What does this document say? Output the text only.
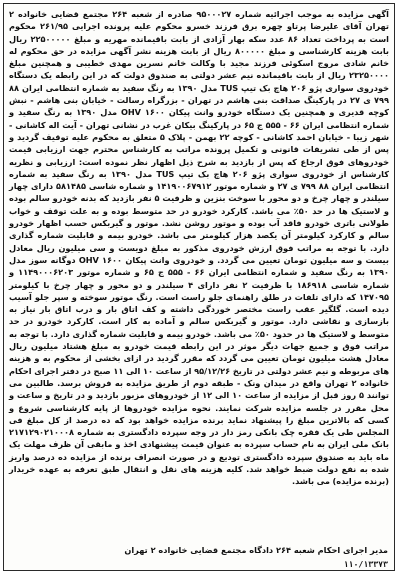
آگهی مزایده به موجب اجرائیه شماره ۹۵۰۰۰۲۷ صادره از شعبه ۲۶۴ مجتمع قضایی خانواده ۲ تهران آقای علیرضا پرتاو چهره برق فرزند خسرو محکوم علیه پرونده اجرایی ۲۶۱/۹۵ محکوم است به پرداخت تعداد ۸۶ عدد سکه بهار آزادی از بابت باقیمانده مهریه و مبلغ ۲۲۵۰۰۰۰۰ ریال بابت هزینه کارشناسی و مبلغ ۸۰۰۰۰۰ ریال از بابت هزینه نشر آگهی مزایده در حق محکوم له خانم شادی مروج اسکوئی فرزند مجید با وکالت خانم نسرین مهدی خطیبی و همچنین مبلغ ۲۳۲۵۰۰۰۰ ریال از بابت باقیمانده نیم عشر دولتی به صندوق دولت که در این رابطه یک دستگاه خودروی سواری پژو ۲۰۶ هاچ بک تیپ TUS مدل ۱۳۹۰ به رنگ سفید به شماره انتظامی ایران ۸۸ ۷۹۹ ی ۲۷ در پارکینگ صداقت بنی هاشم در تهران - بزرگراه رسالت - خیابان بنی هاشم - نبش کوچه قدیری و همچنین یک دستگاه خودرو وانت پیکان ۱۶۰۰ OHV مدل ۱۳۹۰ به رنگ سفید و شماره انتظامی ایران ۶۶ - ۵۵۵ ج ۶۵ در پارکینگ بیکان غرب در نشانی تهران - آیت اله کاشانی - شهر زیبا - خیابان احمد کاشانی - کوچه ۲۲ بهمن - پلاک ۵ متعلق به محکوم علیه توقیف گردید و پس از طی تشریفات قانونی و تکمیل پرونده مراتب به کارشناس محترم جهت ارزیابی قیمت خودروهای فوق ارجاع که پس از بازدید به شرح ذیل اظهار نظر نموده است: ارزیابی و نظریه کارشناس از خودروی سواری پژو ۲۰۶ هاچ بک تیپ TUS مدل ۱۳۹۰ به رنگ سفید به شماره انتظامی ایران ۸۸ ۷۹۹ ی ۲۷ و شماره موتور ۱۴۱۹۰۰۶۷۹۱۲ و شماره شاسی ۵۸۱۴۸۵ دارای چهار سیلندر و چهار چرخ و دو محور با سوخت بنزین و ظرفیت ۵ نفر بازدید که بدنه خودرو سالم بوده و لاستیک ها در حد ۵۰٪ می باشد. کارکرد خودرو در حد متوسط بوده و به علت توقف و خواب طولانی باتری خودرو فاقد آب بوده و موتور روشن نشد. موتور و گیربکس حسب اظهار خودرو سالم و کارکرد کیلومتر آن یکصد هزار کیلومتر می باشد. خودرو بیمه و قابلیت شماره گذاری دارد. با توجه به مراتب فوق ارزش خودروی مذکور به مبلغ دویست و سی میلیون ریال معادل بیست و سه میلیون تومان تعیین می گردد. و خودروی وانت پیکان ۱۶۰۰ OHV دوگانه سوز مدل ۱۳۹۰ به رنگ سفید و شماره انتظامی ایران ۶۶ - ۵۵۵ ج ۶۵ و شماره موتور ۱۱۴۹۰۰۰۶۲۰۳ و شماره شاسی ۱۸۶۹۱۸ با ظرفیت ۲ نفر دارای ۴ سیلندر و دو محور و چهار چرخ با کیلومتر ۱۴۷۰۹۵ که دارای تلفات در طلق راهنمای جلو راست است. رنگ موتور سوخته و سپر جلو آسیب دیده است. گلگیر عقب راست مختصر خوردگی داشته و کف اتاق بار و درب اتاق بار نیاز به بازسازی و نقاشی دارد. موتور و گیربکس سالم و آماده به کار است. کارکرد خودرو در حد متوسط و لاستیک ها در حدود ۵۰٪ می باشد. خودرو بیمه و قابلیت شماره گذاری دارد. با توجه به مراتب فوق و جمیع جهات دیگر موثر در این رابطه قیمت خودرو به مبلغ هشتاد میلیون ریال معادل هشت میلیون تومان تعیین می گردد که مقرر گردید در ازای بخشی از محکوم به و هزینه های مربوطه و نیم عشر دولتی در تاریخ ۹۵/۱۲/۲۶ از ساعت ۱۰ الی ۱۱ صبح در دفتر اجرای احکام خانواده ۲ تهران واقع در میدان ونک - طبقه دوم از طریق مزایده به فروش برسد. طالبین می توانند ۵ روز قبل از مزایده از ساعت ۱۰ الی ۱۲ از خودروهای مزبور بازدید و در تاریخ و ساعت و محل مقرر در جلسه مزایده شرکت نمایند. نحوه مزایده خودروها از پایه کارشناسی شروع و کسی که بالاترین مبلغ را پیشنهاد نماید برنده مزایده خواهد بود که ده درصد از کل مبلغ فی المجلس طی یک فقره چک بانکی رمز دار در وجه سپرده دادگستری به شماره ۲۱۷۱۲۹۰۲۱۰۰۰۸ بانک ملی ایران به نام حساب سپرده به عنوان قیمت پیشنهادی اخذ و مابقی آن ظرف مهلت یک ماه باید به صندوق سپرده دادگستری تودیع و در صورت انصراف برنده از مزایده ده درصد واریز شده به نفع دولت ضبط خواهد شد. کلیه هزینه های نقل و انتقال طبق تعرفه به عهده خریدار (برنده مزایده) می باشد.

مدیر اجرای احکام شعبه ۲۶۴ دادگاه مجتمع قضایی خانواده ۲ تهران
۱۱۰/۱۳۳۷۳
